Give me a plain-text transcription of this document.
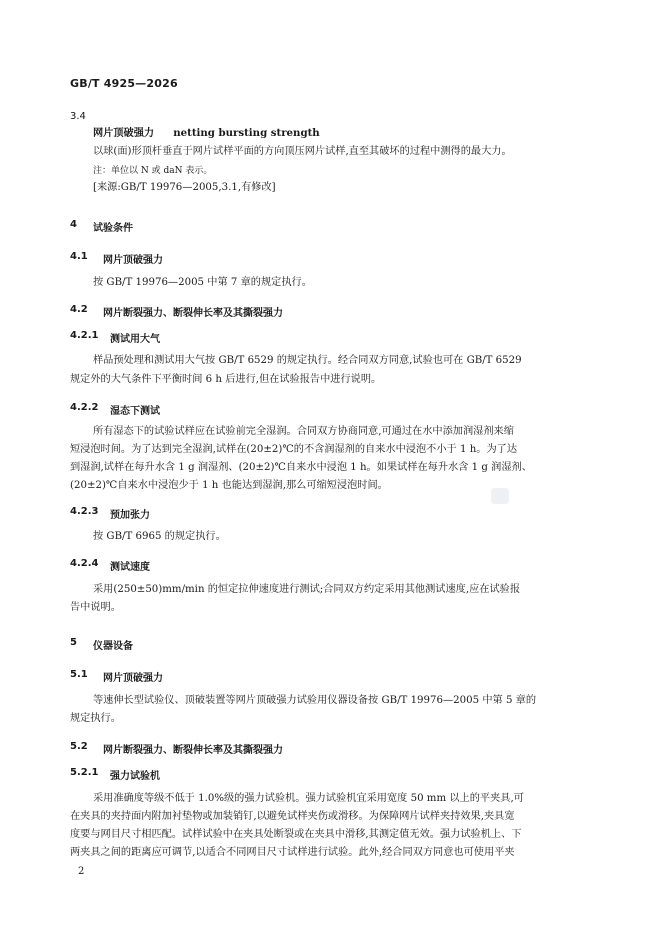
GB/T 4925—2026
3.4
网片顶破强力 netting bursting strength
以球(面)形顶杆垂直于网片试样平面的方向顶压网片试样,直至其破坏的过程中测得的最大力。
注：单位以 N 或 daN 表示。
[来源:GB/T 19976—2005,3.1,有修改]
4 试验条件
4.1 网片顶破强力
按 GB/T 19976—2005 中第 7 章的规定执行。
4.2 网片断裂强力、断裂伸长率及其撕裂强力
4.2.1 测试用大气
样品预处理和测试用大气按 GB/T 6529 的规定执行。经合同双方同意,试验也可在 GB/T 6529
规定外的大气条件下平衡时间 6 h 后进行,但在试验报告中进行说明。
4.2.2 湿态下测试
所有湿态下的试验试样应在试验前完全湿润。合同双方协商同意,可通过在水中添加润湿剂来缩
短浸泡时间。为了达到完全湿润,试样在(20±2)℃的不含润湿剂的自来水中浸泡不小于 1 h。为了达
到湿润,试样在每升水含 1 g 润湿剂、(20±2)℃自来水中浸泡 1 h。如果试样在每升水含 1 g 润湿剂、
(20±2)℃自来水中浸泡少于 1 h 也能达到湿润,那么可缩短浸泡时间。
4.2.3 预加张力
按 GB/T 6965 的规定执行。
4.2.4 测试速度
采用(250±50)mm/min 的恒定拉伸速度进行测试;合同双方约定采用其他测试速度,应在试验报
告中说明。
5 仪器设备
5.1 网片顶破强力
等速伸长型试验仪、顶破装置等网片顶破强力试验用仪器设备按 GB/T 19976—2005 中第 5 章的
规定执行。
5.2 网片断裂强力、断裂伸长率及其撕裂强力
5.2.1 强力试验机
采用准确度等级不低于 1.0%级的强力试验机。强力试验机宜采用宽度 50 mm 以上的平夹具,可
在夹具的夹持面内附加衬垫物或加装销钉,以避免试样夹伤或滑移。为保障网片试样夹持效果,夹具宽
度要与网目尺寸相匹配。试样试验中在夹具处断裂或在夹具中滑移,其测定值无效。强力试验机上、下
两夹具之间的距离应可调节,以适合不同网目尺寸试样进行试验。此外,经合同双方同意也可使用平夹
2
